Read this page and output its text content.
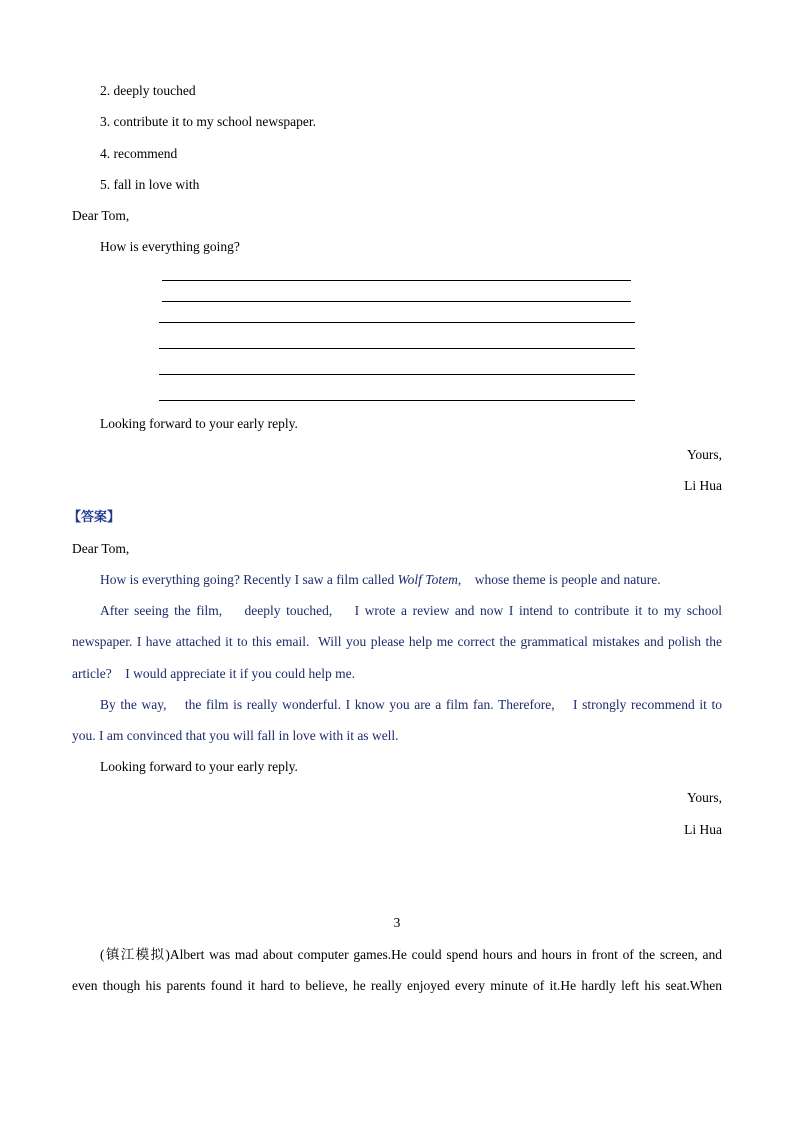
2. deeply touched
3. contribute it to my school newspaper.
4. recommend
5. fall in love with
Dear Tom,
How is everything going?
Looking forward to your early reply.
Yours,
Li Hua
【答案】
Dear Tom,
How is everything going? Recently I saw a film called Wolf Totem,    whose theme is people and nature.
After seeing the film,    deeply touched,    I wrote a review and now I intend to contribute it to my school
newspaper. I have attached it to this email.  Will you please help me correct the grammatical mistakes and polish the
article?    I would appreciate it if you could help me.
By the way,    the film is really wonderful. I know you are a film fan. Therefore,    I strongly recommend it to
you. I am convinced that you will fall in love with it as well.
Looking forward to your early reply.
Yours,
Li Hua
3
(镇江模拟)Albert was mad about computer games.He could spend hours and hours in front of the screen, and
even though his parents found it hard to believe, he really enjoyed every minute of it.He hardly left his seat.When
